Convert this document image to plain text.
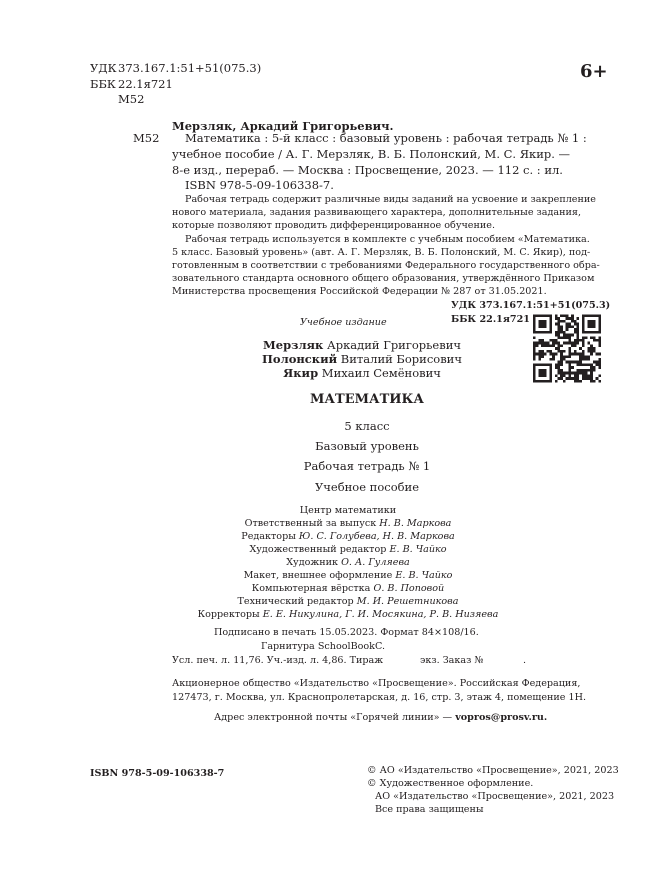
УДК 373.167.1:51+51(075.3)
ББК 22.1я721
М52
6+
Мерзляк, Аркадий Григорьевич.
М52 Математика : 5-й класс : базовый уровень : рабочая тетрадь № 1 :
учебное пособие / А. Г. Мерзляк, В. Б. Полонский, М. С. Якир. —
8-е изд., перераб. — Москва : Просвещение, 2023. — 112 с. : ил.
ISBN 978-5-09-106338-7.
Рабочая тетрадь содержит различные виды заданий на усвоение и закрепление
нового материала, задания развивающего характера, дополнительные задания,
которые позволяют проводить дифференцированное обучение.
Рабочая тетрадь используется в комплекте с учебным пособием «Математика.
5 класс. Базовый уровень» (авт. А. Г. Мерзляк, В. Б. Полонский, М. С. Якир), под-
готовленным в соответствии с требованиями Федерального государственного обра-
зовательного стандарта основного общего образования, утверждённого Приказом
Министерства просвещения Российской Федерации № 287 от 31.05.2021.
УДК 373.167.1:51+51(075.3)
ББК 22.1я721
Учебное издание
Мерзляк Аркадий Григорьевич
Полонский Виталий Борисович
Якир Михаил Семёнович
МАТЕМАТИКА
5 класс
Базовый уровень
Рабочая тетрадь № 1
Учебное пособие
Центр математики
Ответственный за выпуск Н. В. Маркова
Редакторы Ю. С. Голубева, Н. В. Маркова
Художественный редактор Е. В. Чайко
Художник О. А. Гуляева
Макет, внешнее оформление Е. В. Чайко
Компьютерная вёрстка О. В. Поповой
Технический редактор М. И. Решетникова
Корректоры Е. Е. Никулина, Г. И. Мосякина, Р. В. Низяева
Подписано в печать 15.05.2023. Формат 84×108/16.
Гарнитура SchoolBookC.
Усл. печ. л. 11,76. Уч.-изд. л. 4,86. Тираж	экз. Заказ №	.
Акционерное общество «Издательство «Просвещение». Российская Федерация,
127473, г. Москва, ул. Краснопролетарская, д. 16, стр. 3, этаж 4, помещение 1Н.
Адрес электронной почты «Горячей линии» — vopros@prosv.ru.
ISBN 978-5-09-106338-7	© АО «Издательство «Просвещение», 2021, 2023
© Художественное оформление.
АО «Издательство «Просвещение», 2021, 2023
Все права защищены
